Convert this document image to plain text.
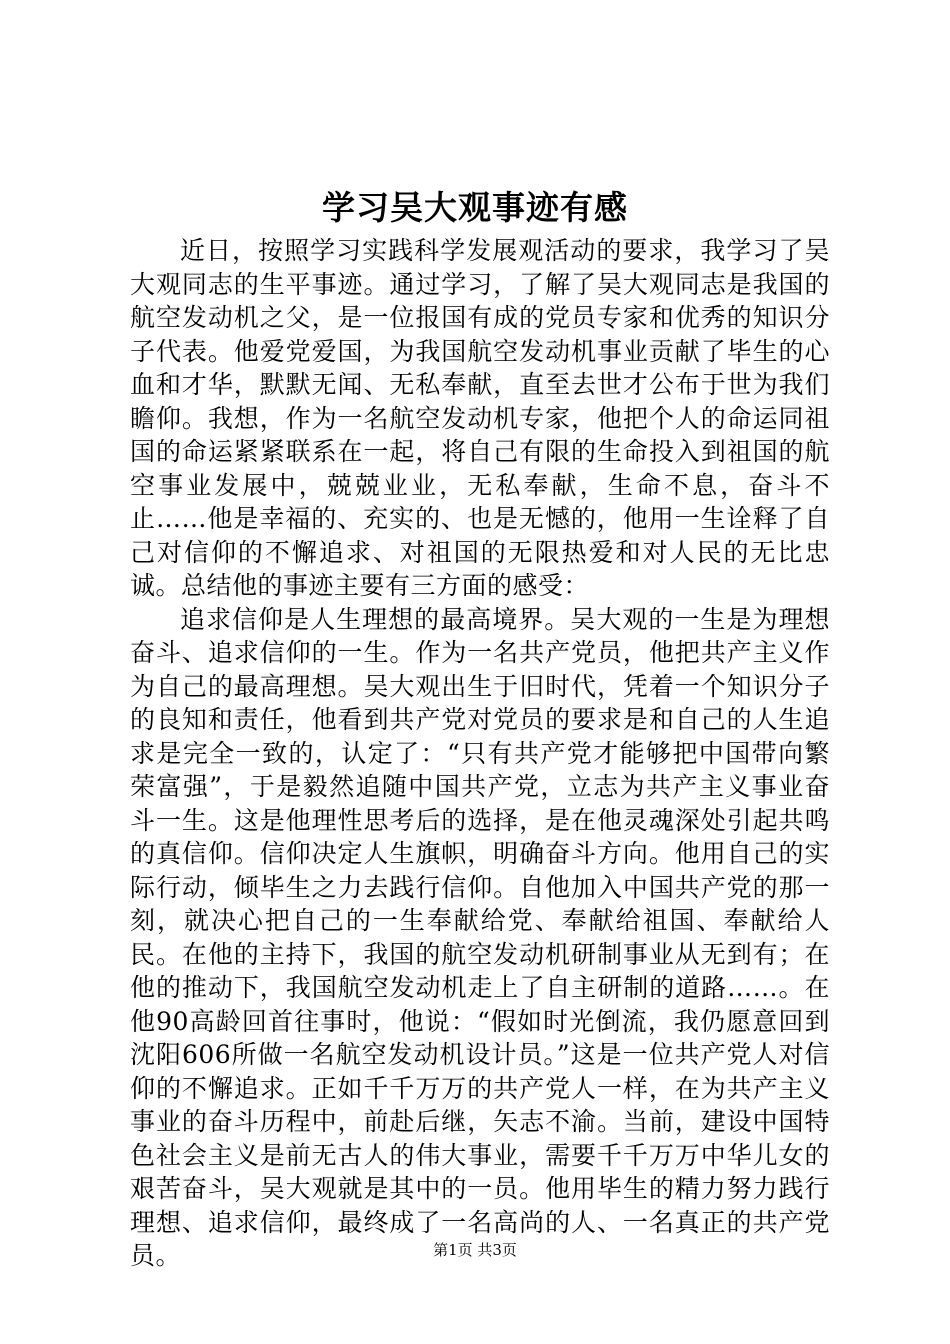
学习吴大观事迹有感

近日，按照学习实践科学发展观活动的要求，我学习了吴大观同志的生平事迹。通过学习，了解了吴大观同志是我国的航空发动机之父，是一位报国有成的党员专家和优秀的知识分子代表。他爱党爱国，为我国航空发动机事业贡献了毕生的心血和才华，默默无闻、无私奉献，直至去世才公布于世为我们瞻仰。我想，作为一名航空发动机专家，他把个人的命运同祖国的命运紧紧联系在一起，将自己有限的生命投入到祖国的航空事业发展中，兢兢业业，无私奉献，生命不息，奋斗不止……他是幸福的、充实的、也是无憾的，他用一生诠释了自己对信仰的不懈追求、对祖国的无限热爱和对人民的无比忠诚。总结他的事迹主要有三方面的感受：

追求信仰是人生理想的最高境界。吴大观的一生是为理想奋斗、追求信仰的一生。作为一名共产党员，他把共产主义作为自己的最高理想。吴大观出生于旧时代，凭着一个知识分子的良知和责任，他看到共产党对党员的要求是和自己的人生追求是完全一致的，认定了：“只有共产党才能够把中国带向繁荣富强”，于是毅然追随中国共产党，立志为共产主义事业奋斗一生。这是他理性思考后的选择，是在他灵魂深处引起共鸣的真信仰。信仰决定人生旗帜，明确奋斗方向。他用自己的实际行动，倾毕生之力去践行信仰。自他加入中国共产党的那一刻，就决心把自己的一生奉献给党、奉献给祖国、奉献给人民。在他的主持下，我国的航空发动机研制事业从无到有；在他的推动下，我国航空发动机走上了自主研制的道路……。在他90高龄回首往事时，他说：“假如时光倒流，我仍愿意回到沈阳606所做一名航空发动机设计员。”这是一位共产党人对信仰的不懈追求。正如千千万万的共产党人一样，在为共产主义事业的奋斗历程中，前赴后继，矢志不渝。当前，建设中国特色社会主义是前无古人的伟大事业，需要千千万万中华儿女的艰苦奋斗，吴大观就是其中的一员。他用毕生的精力努力践行理想、追求信仰，最终成了一名高尚的人、一名真正的共产党员。	第1页 共3页
